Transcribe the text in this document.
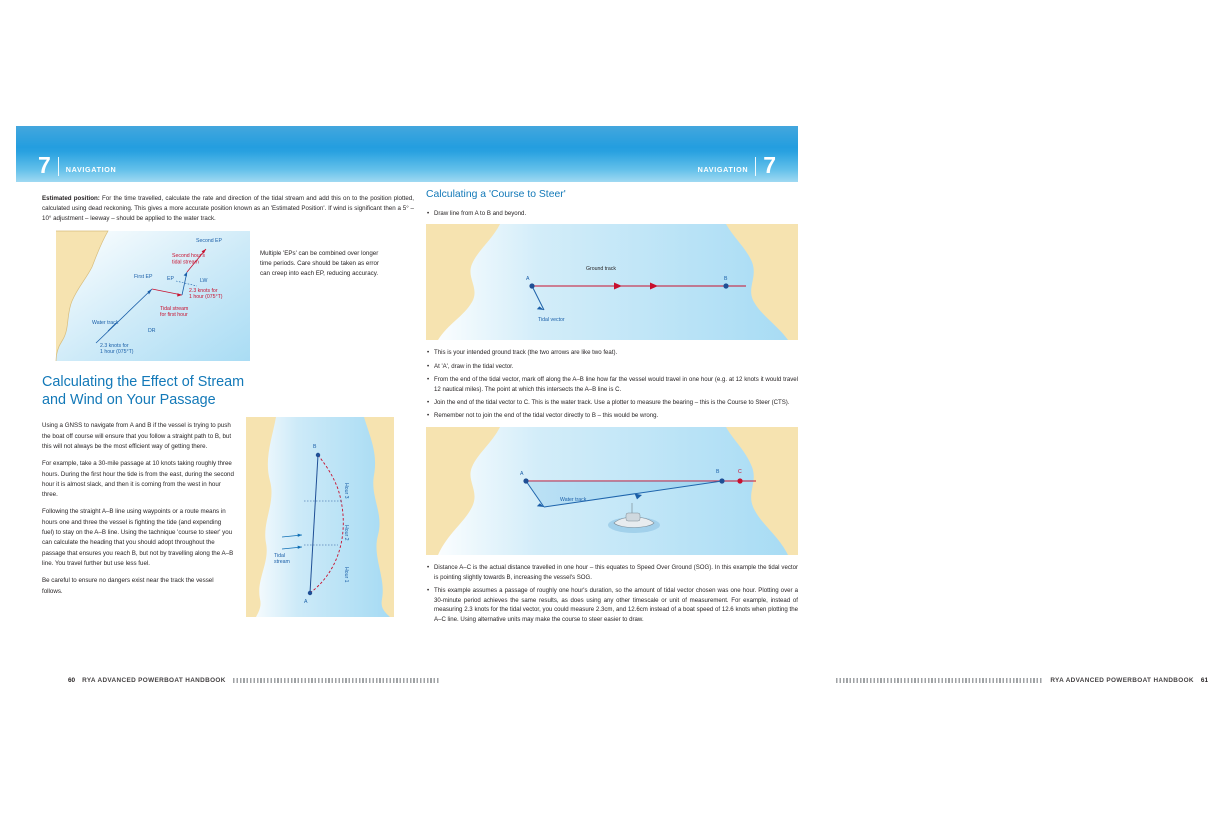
7 NAVIGATION	NAVIGATION 7

Estimated position: For the time travelled, calculate the rate and direction of the tidal stream and add this on to the position plotted, calculated using dead reckoning. This gives a more accurate position known as an 'Estimated Position'. If wind is significant then a 5° – 10° adjustment – leeway – should be applied to the water track.

Second EP
Second hour's
tidal stream
First EP	EP	LW
2.3 knots for
1 hour (075°T)
Tidal stream
for first hour
Water track
DR
2.3 knots for
1 hour (075°T)
Multiple 'EPs' can be combined over longer time periods. Care should be taken as error can creep into each EP, reducing accuracy.
Calculating the Effect of Stream and Wind on Your Passage

Using a GNSS to navigate from A and B if the vessel is trying to push the boat off course will ensure that you follow a straight path to B, but this will not always be the most efficient way of getting there.

For example, take a 30-mile passage at 10 knots taking roughly three hours. During the first hour the tide is from the east, during the second hour it is almost slack, and then it is coming from the west in hour three.

Following the straight A–B line using waypoints or a route means in hours one and three the vessel is fighting the tide (and expending fuel) to stay on the A–B line. Using the tachnique 'course to steer' you can calculate the heading that you should adopt throughout the passage that ensures you reach B, but not by travelling along the A–B line. You travel further but use less fuel.

Be careful to ensure no dangers exist near the track the vessel follows.

B
Hour 3
Hour 2
Hour 1
Tidal
stream
A
60 RYA ADVANCED POWERBOAT HANDBOOK
Calculating a 'Course to Steer'
• Draw line from A to B and beyond.
Ground track
A	B
Tidal vector
• This is your intended ground track (the two arrows are like two feat).
• At 'A', draw in the tidal vector.
• From the end of the tidal vector, mark off along the A–B line how far the vessel would travel in one hour (e.g. at 12 knots it would travel 12 nautical miles). The point at which this intersects the A–B line is C.
• Join the end of the tidal vector to C. This is the water track. Use a plotter to measure the bearing – this is the Course to Steer (CTS).
• Remember not to join the end of the tidal vector directly to B – this would be wrong.
A
Water track
B	C
• Distance A–C is the actual distance travelled in one hour – this equates to Speed Over Ground (SOG). In this example the tidal vector is pointing slightly towards B, increasing the vessel's SOG.
• This example assumes a passage of roughly one hour's duration, so the amount of tidal vector chosen was one hour. Plotting over a 30-minute period achieves the same results, as does using any other timescale or unit of measurement. For example, instead of measuring 2.3 knots for the tidal vector, you could measure 2.3cm, and 12.6cm instead of a boat speed of 12.6 knots when plotting the A–C line. Using alternative units may make the course to steer easier to draw.
RYA ADVANCED POWERBOAT HANDBOOK 61
